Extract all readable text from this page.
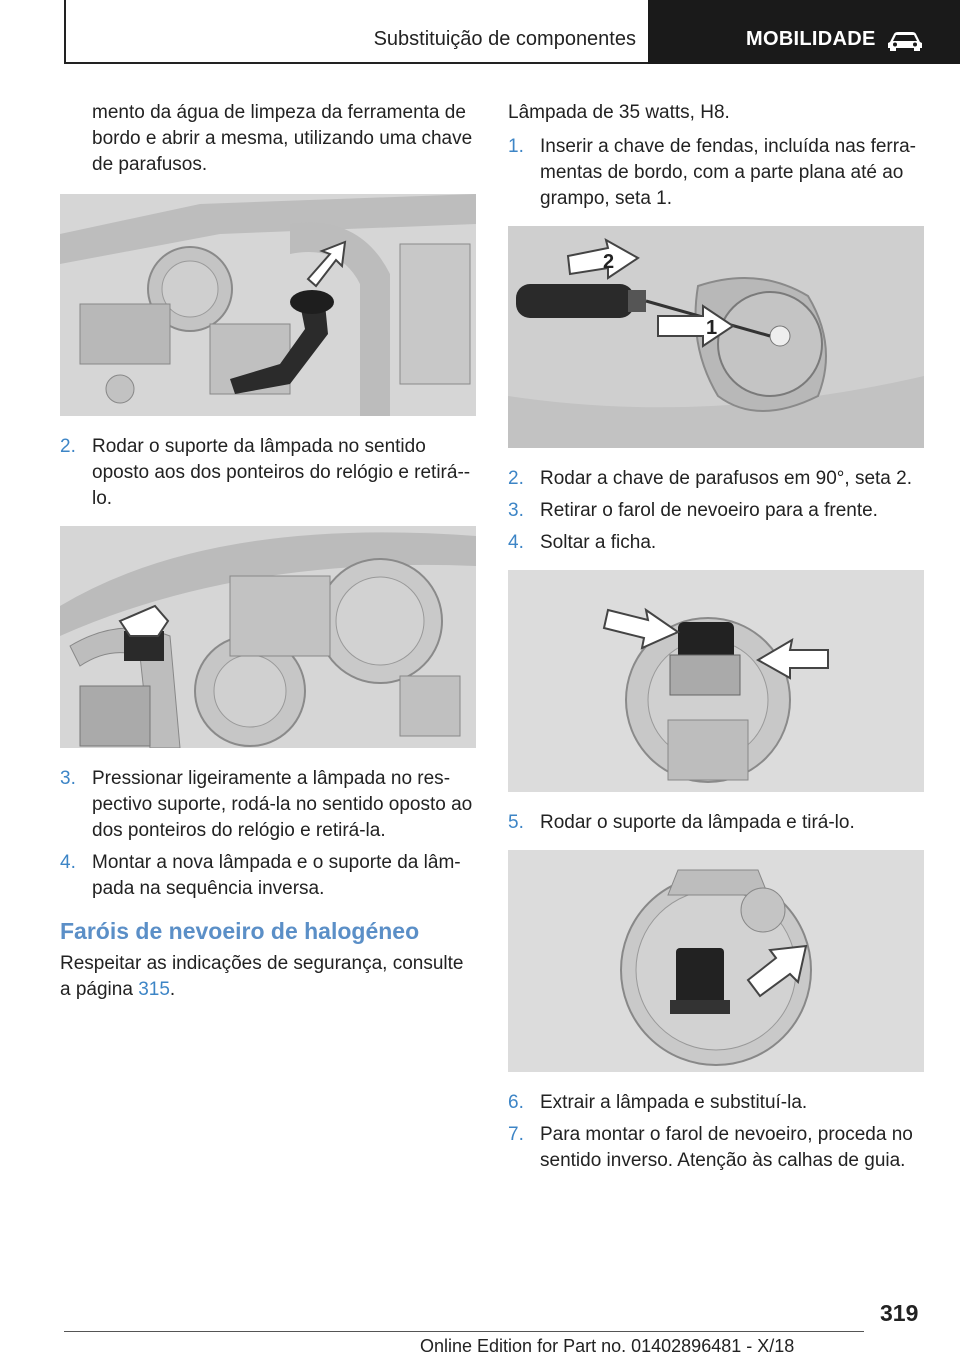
Substituição de componentes	MOBILIDADE

mento da água de limpeza da ferramenta de bordo e abrir a mesma, utilizando uma chave de parafusos.

2. Rodar o suporte da lâmpada no sentido oposto aos dos ponteiros do relógio e retirá--lo.
3. Pressionar ligeiramente a lâmpada no respectivo suporte, rodá-la no sentido oposto ao dos ponteiros do relógio e retirá-la.
4. Montar a nova lâmpada e o suporte da lâmpada na sequência inversa.
Faróis de nevoeiro de halogéneo

Respeitar as indicações de segurança, consulte a página 315.

Lâmpada de 35 watts, H8.

1. Inserir a chave de fendas, incluída nas ferramentas de bordo, com a parte plana até ao grampo, seta 1.
2
1
2. Rodar a chave de parafusos em 90°, seta 2.
3. Retirar o farol de nevoeiro para a frente.
4. Soltar a ficha.
5. Rodar o suporte da lâmpada e tirá-lo.
6. Extrair a lâmpada e substituí-la.
7. Para montar o farol de nevoeiro, proceda no sentido inverso. Atenção às calhas de guia.
319
Online Edition for Part no. 01402896481 - X/18
